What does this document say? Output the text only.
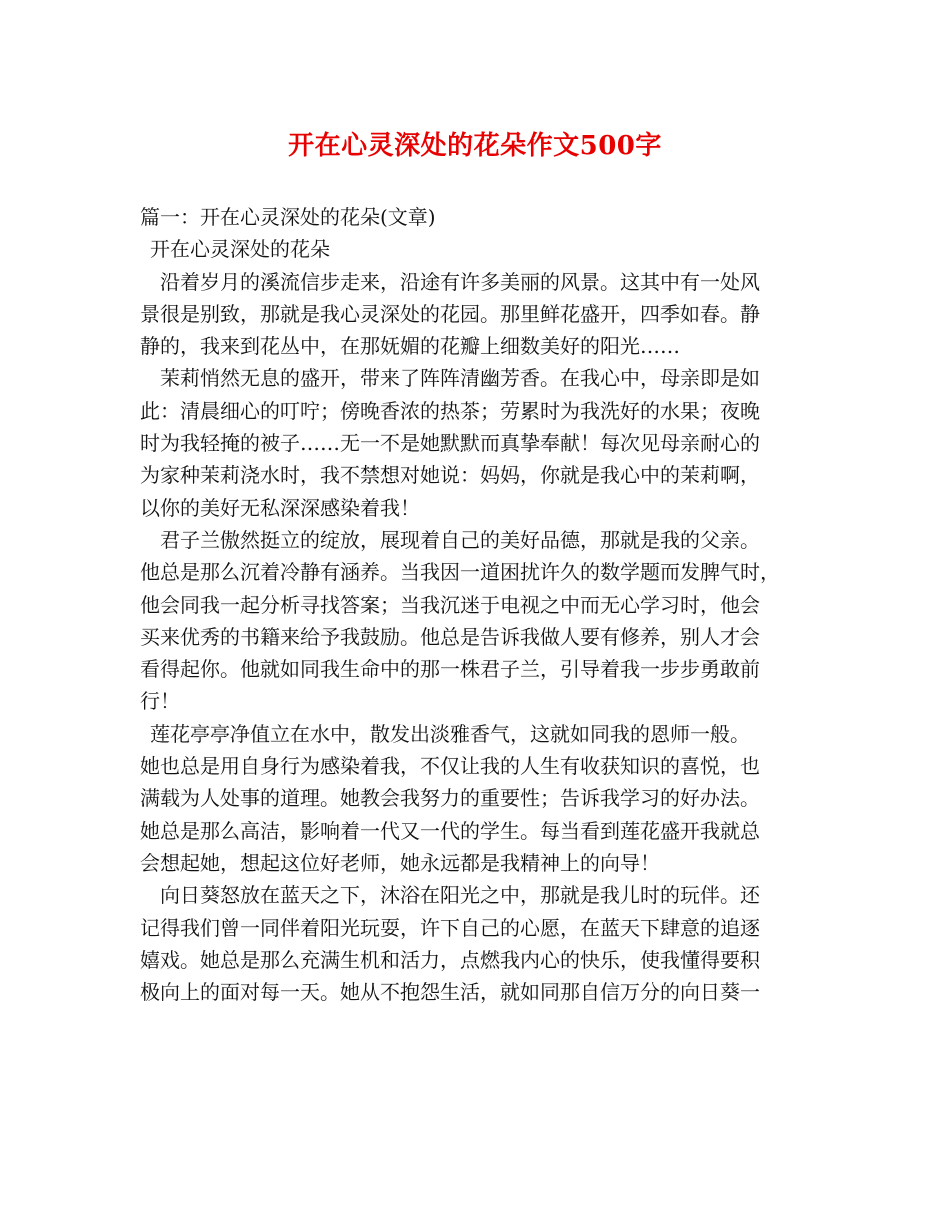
开在心灵深处的花朵作文500字
篇一：开在心灵深处的花朵(文章)
开在心灵深处的花朵
沿着岁月的溪流信步走来，沿途有许多美丽的风景。这其中有一处风
景很是别致，那就是我心灵深处的花园。那里鲜花盛开，四季如春。静
静的，我来到花丛中，在那妩媚的花瓣上细数美好的阳光……
茉莉悄然无息的盛开，带来了阵阵清幽芳香。在我心中，母亲即是如
此：清晨细心的叮咛；傍晚香浓的热茶；劳累时为我洗好的水果；夜晚
时为我轻掩的被子……无一不是她默默而真挚奉献！每次见母亲耐心的
为家种茉莉浇水时，我不禁想对她说：妈妈，你就是我心中的茉莉啊，
以你的美好无私深深感染着我！
君子兰傲然挺立的绽放，展现着自己的美好品德，那就是我的父亲。
他总是那么沉着冷静有涵养。当我因一道困扰许久的数学题而发脾气时，
他会同我一起分析寻找答案；当我沉迷于电视之中而无心学习时，他会
买来优秀的书籍来给予我鼓励。他总是告诉我做人要有修养，别人才会
看得起你。他就如同我生命中的那一株君子兰，引导着我一步步勇敢前
行！
莲花亭亭净值立在水中，散发出淡雅香气，这就如同我的恩师一般。
她也总是用自身行为感染着我，不仅让我的人生有收获知识的喜悦，也
满载为人处事的道理。她教会我努力的重要性；告诉我学习的好办法。
她总是那么高洁，影响着一代又一代的学生。每当看到莲花盛开我就总
会想起她，想起这位好老师，她永远都是我精神上的向导！
向日葵怒放在蓝天之下，沐浴在阳光之中，那就是我儿时的玩伴。还
记得我们曾一同伴着阳光玩耍，许下自己的心愿，在蓝天下肆意的追逐
嬉戏。她总是那么充满生机和活力，点燃我内心的快乐，使我懂得要积
极向上的面对每一天。她从不抱怨生活，就如同那自信万分的向日葵一
